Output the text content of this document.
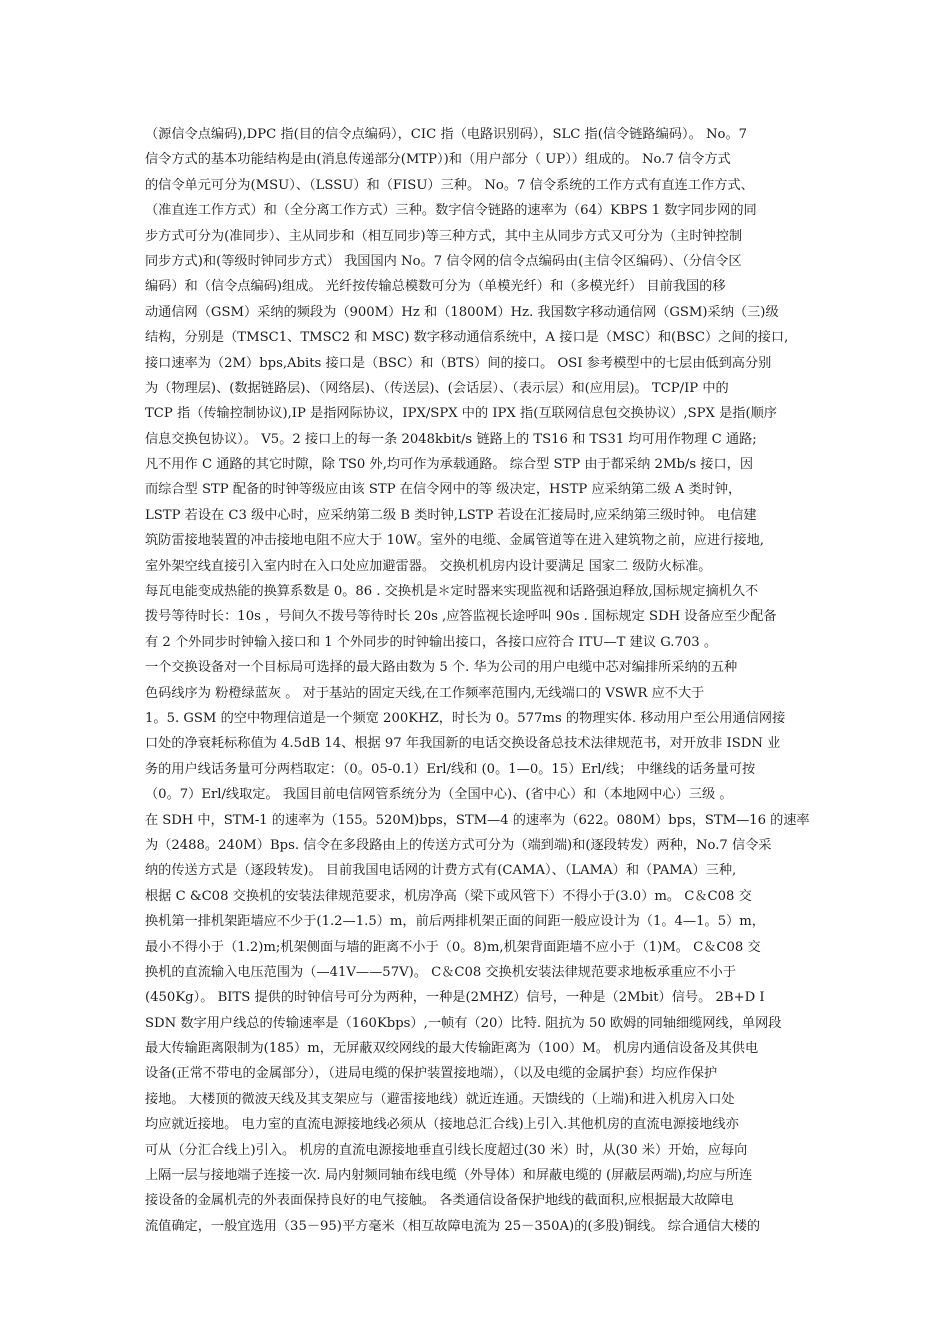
（源信令点编码),DPC 指(目的信令点编码），CIC 指（电路识别码），SLC 指(信令链路编码）。 No。7
信令方式的基本功能结构是由(消息传递部分(MTP）)和（用户部分（ UP））组成的。 No.7 信令方式
的信令单元可分为(MSU）、（LSSU）和（FISU）三种。 No。7 信令系统的工作方式有直连工作方式、
（准直连工作方式）和（全分离工作方式）三种。数字信令链路的速率为（64）KBPS 1 数字同步网的同
步方式可分为(准同步）、主从同步和（相互同步)等三种方式，其中主从同步方式又可分为（主时钟控制
同步方式)和(等级时钟同步方式） 我国国内 No。7 信令网的信令点编码由(主信令区编码）、（分信令区
编码）和（信令点编码)组成。 光纤按传输总模数可分为（单模光纤）和（多模光纤） 目前我国的移
动通信网（GSM）采纳的频段为（900M）Hz 和（1800M）Hz. 我国数字移动通信网（GSM)采纳（三)级
结构，分别是（TMSC1、TMSC2 和 MSC) 数字移动通信系统中，A 接口是（MSC）和(BSC）之间的接口,
接口速率为（2M）bps,Abits 接口是（BSC）和（BTS）间的接口。 OSI 参考模型中的七层由低到高分别
为（物理层)、(数据链路层)、（网络层)、（传送层)、(会话层）、（表示层）和(应用层)。 TCP/IP 中的
TCP 指（传输控制协议),IP 是指网际协议，IPX/SPX 中的 IPX 指(互联网信息包交换协议）,SPX 是指(顺序
信息交换包协议）。 V5。2 接口上的每一条 2048kbit/s 链路上的 TS16 和 TS31 均可用作物理 C 通路;
凡不用作 C 通路的其它时隙，除 TS0 外,均可作为承载通路。 综合型 STP 由于都采纳 2Mb/s 接口，因
而综合型 STP 配备的时钟等级应由该 STP 在信令网中的等 级决定，HSTP 应采纳第二级 A 类时钟，
LSTP 若设在 C3 级中心时，应采纳第二级 B 类时钟,LSTP 若设在汇接局时,应采纳第三级时钟。 电信建
筑防雷接地装置的冲击接地电阻不应大于 10W。室外的电缆、金属管道等在进入建筑物之前，应进行接地,
室外架空线直接引入室内时在入口处应加避雷器。 交换机机房内设计要满足 国家二 级防火标准。
每瓦电能变成热能的换算系数是 0。86 . 交换机是＊定时器来实现监视和话路强迫释放,国标规定摘机久不
拨号等待时长：10s ，号间久不拨号等待时长 20s ,应答监视长途呼叫 90s . 国标规定 SDH 设备应至少配备
有 2 个外同步时钟输入接口和 1 个外同步的时钟输出接口，各接口应符合 ITU—T 建议 G.703 。
一个交换设备对一个目标局可选择的最大路由数为 5 个. 华为公司的用户电缆中芯对编排所采纳的五种
色码线序为 粉橙绿蓝灰 。 对于基站的固定天线,在工作频率范围内,无线端口的 VSWR 应不大于
1。5. GSM 的空中物理信道是一个频宽 200KHZ，时长为 0。577ms 的物理实体. 移动用户至公用通信网接
口处的净衰耗标称值为 4.5dB 14、根据 97 年我国新的电话交换设备总技术法律规范书，对开放非 ISDN 业
务的用户线话务量可分两档取定：（0。05-0.1）Erl/线和 (0。1—0。15）Erl/线； 中继线的话务量可按
（0。7）Erl/线取定。 我国目前电信网管系统分为（全国中心)、(省中心）和（本地网中心）三级 。
在 SDH 中，STM-1 的速率为（155。520M)bps，STM—4 的速率为（622。080M）bps，STM—16 的速率
为（2488。240M）Bps. 信令在多段路由上的传送方式可分为（端到端)和(逐段转发）两种，No.7 信令采
纳的传送方式是（逐段转发)。 目前我国电话网的计费方式有(CAMA）、（LAMA）和（PAMA）三种,
根据 C &C08 交换机的安装法律规范要求，机房净高（梁下或风管下）不得小于(3.0）m。 C＆C08 交
换机第一排机架距墙应不少于(1.2—1.5）m，前后两排机架正面的间距一般应设计为（1。4—1。5）m，
最小不得小于（1.2)m;机架侧面与墙的距离不小于（0。8)m,机架背面距墙不应小于（1)M。 C＆C08 交
换机的直流输入电压范围为（—41V——57V)。 C＆C08 交换机安装法律规范要求地板承重应不小于
(450Kg）。 BITS 提供的时钟信号可分为两种，一种是(2MHZ）信号，一种是（2Mbit）信号。 2B+D I
SDN 数字用户线总的传输速率是（160Kbps）,一帧有（20）比特. 阻抗为 50 欧姆的同轴细缆网线，单网段
最大传输距离限制为(185）m，无屏蔽双绞网线的最大传输距离为（100）M。 机房内通信设备及其供电
设备(正常不带电的金属部分），（进局电缆的保护装置接地端），（以及电缆的金属护套）均应作保护
接地。 大楼顶的微波天线及其支架应与（避雷接地线）就近连通。天馈线的（上端)和进入机房入口处
均应就近接地。 电力室的直流电源接地线必须从（接地总汇合线)上引入.其他机房的直流电源接地线亦
可从（分汇合线上)引入。 机房的直流电源接地垂直引线长度超过(30 米）时，从(30 米）开始，应每向
上隔一层与接地端子连接一次. 局内射频同轴布线电缆（外导体）和屏蔽电缆的 (屏蔽层两端),均应与所连
接设备的金属机壳的外表面保持良好的电气接触。 各类通信设备保护地线的截面积,应根据最大故障电
流值确定，一般宜选用（35－95)平方毫米（相互故障电流为 25－350A)的(多股)铜线。 综合通信大楼的
